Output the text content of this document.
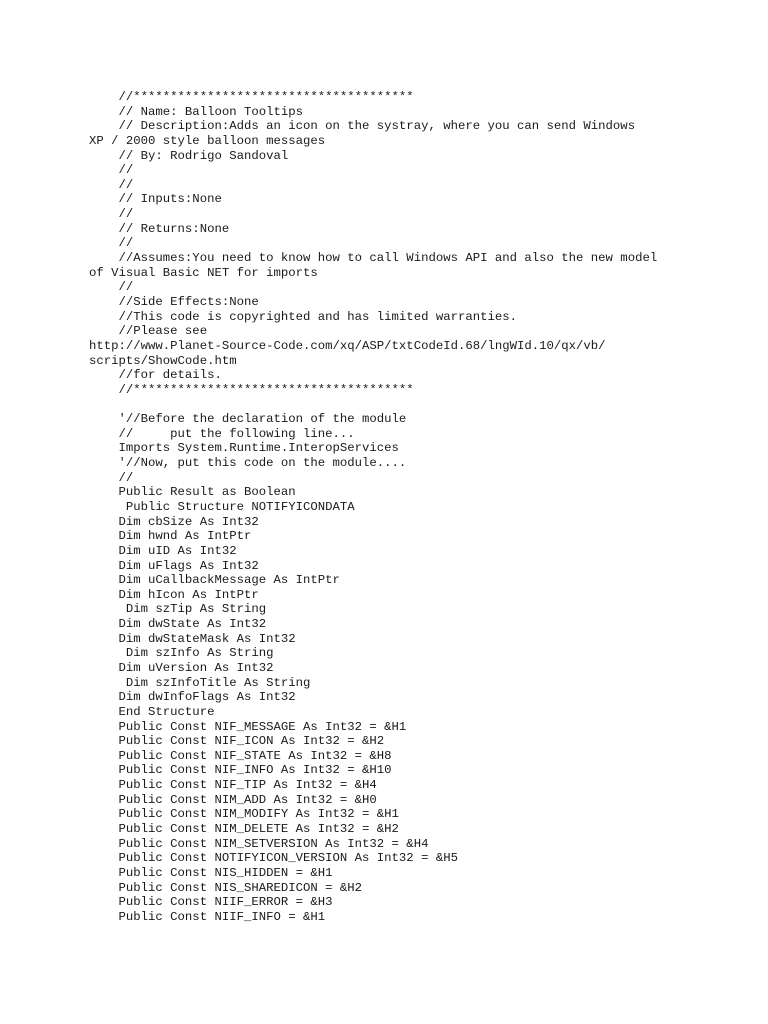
//**************************************
// Name: Balloon Tooltips
// Description:Adds an icon on the systray, where you can send Windows
XP / 2000 style balloon messages
// By: Rodrigo Sandoval
//
//
// Inputs:None
//
// Returns:None
//
//Assumes:You need to know how to call Windows API and also the new model
of Visual Basic NET for imports
//
//Side Effects:None
//This code is copyrighted and has limited warranties.
//Please see
http://www.Planet-Source-Code.com/xq/ASP/txtCodeId.68/lngWId.10/qx/vb/
scripts/ShowCode.htm
//for details.
//**************************************
'//Before the declaration of the module
//     put the following line...
Imports System.Runtime.InteropServices
'//Now, put this code on the module....
//
Public Result as Boolean
Public Structure NOTIFYICONDATA
Dim cbSize As Int32
Dim hwnd As IntPtr
Dim uID As Int32
Dim uFlags As Int32
Dim uCallbackMessage As IntPtr
Dim hIcon As IntPtr
Dim szTip As String
Dim dwState As Int32
Dim dwStateMask As Int32
Dim szInfo As String
Dim uVersion As Int32
Dim szInfoTitle As String
Dim dwInfoFlags As Int32
End Structure
Public Const NIF_MESSAGE As Int32 = &H1
Public Const NIF_ICON As Int32 = &H2
Public Const NIF_STATE As Int32 = &H8
Public Const NIF_INFO As Int32 = &H10
Public Const NIF_TIP As Int32 = &H4
Public Const NIM_ADD As Int32 = &H0
Public Const NIM_MODIFY As Int32 = &H1
Public Const NIM_DELETE As Int32 = &H2
Public Const NIM_SETVERSION As Int32 = &H4
Public Const NOTIFYICON_VERSION As Int32 = &H5
Public Const NIS_HIDDEN = &H1
Public Const NIS_SHAREDICON = &H2
Public Const NIIF_ERROR = &H3
Public Const NIIF_INFO = &H1
